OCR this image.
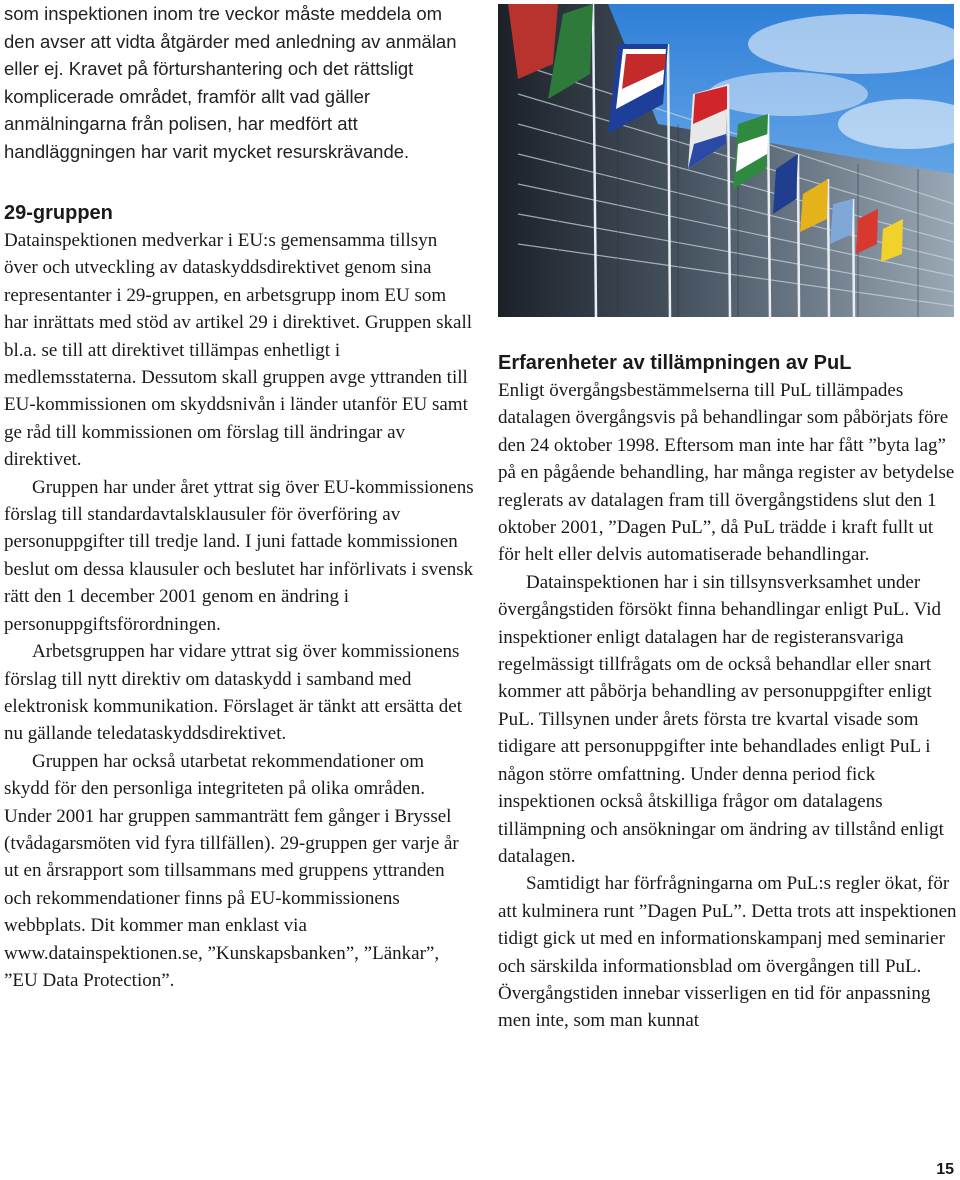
som inspektionen inom tre veckor måste meddela om den avser att vidta åtgärder med anledning av anmälan eller ej. Kravet på förturshantering och det rättsligt komplicerade området, framför allt vad gäller anmälningarna från polisen, har medfört att handläggningen har varit mycket resurskrävande.

29-gruppen

Datainspektionen medverkar i EU:s gemensamma tillsyn över och utveckling av dataskyddsdirektivet genom sina representanter i 29-gruppen, en arbetsgrupp inom EU som har inrättats med stöd av artikel 29 i direktivet. Gruppen skall bl.a. se till att direktivet tillämpas enhetligt i medlemsstaterna. Dessutom skall gruppen avge yttranden till EU-kommissionen om skyddsnivån i länder utanför EU samt ge råd till kommissionen om förslag till ändringar av direktivet.

Gruppen har under året yttrat sig över EU-kommissionens förslag till standardavtalsklausuler för överföring av personuppgifter till tredje land. I juni fattade kommissionen beslut om dessa klausuler och beslutet har införlivats i svensk rätt den 1 december 2001 genom en ändring i personuppgiftsförordningen.

Arbetsgruppen har vidare yttrat sig över kommissionens förslag till nytt direktiv om dataskydd i samband med elektronisk kommunikation. Förslaget är tänkt att ersätta det nu gällande teledataskyddsdirektivet.

Gruppen har också utarbetat rekommendationer om skydd för den personliga integriteten på olika områden. Under 2001 har gruppen sammanträtt fem gånger i Bryssel (tvådagarsmöten vid fyra tillfällen). 29-gruppen ger varje år ut en årsrapport som tillsammans med gruppens yttranden och rekommendationer finns på EU-kommissionens webbplats. Dit kommer man enklast via www.datainspektionen.se, ”Kunskapsbanken”, ”Länkar”, ”EU Data Protection”.

Erfarenheter av tillämpningen av PuL

Enligt övergångsbestämmelserna till PuL tillämpades datalagen övergångsvis på behandlingar som påbörjats före den 24 oktober 1998. Eftersom man inte har fått ”byta lag” på en pågående behandling, har många register av betydelse reglerats av datalagen fram till övergångstidens slut den 1 oktober 2001, ”Dagen PuL”, då PuL trädde i kraft fullt ut för helt eller delvis automatiserade behandlingar.

Datainspektionen har i sin tillsynsverksamhet under övergångstiden försökt finna behandlingar enligt PuL. Vid inspektioner enligt datalagen har de registeransvariga regelmässigt tillfrågats om de också behandlar eller snart kommer att påbörja behandling av personuppgifter enligt PuL. Tillsynen under årets första tre kvartal visade som tidigare att personuppgifter inte behandlades enligt PuL i någon större omfattning. Under denna period fick inspektionen också åtskilliga frågor om datalagens tillämpning och ansökningar om ändring av tillstånd enligt datalagen.

Samtidigt har förfrågningarna om PuL:s regler ökat, för att kulminera runt ”Dagen PuL”. Detta trots att inspektionen tidigt gick ut med en informationskampanj med seminarier och särskilda informationsblad om övergången till PuL. Övergångstiden innebar visserligen en tid för anpassning men inte, som man kunnat

15
